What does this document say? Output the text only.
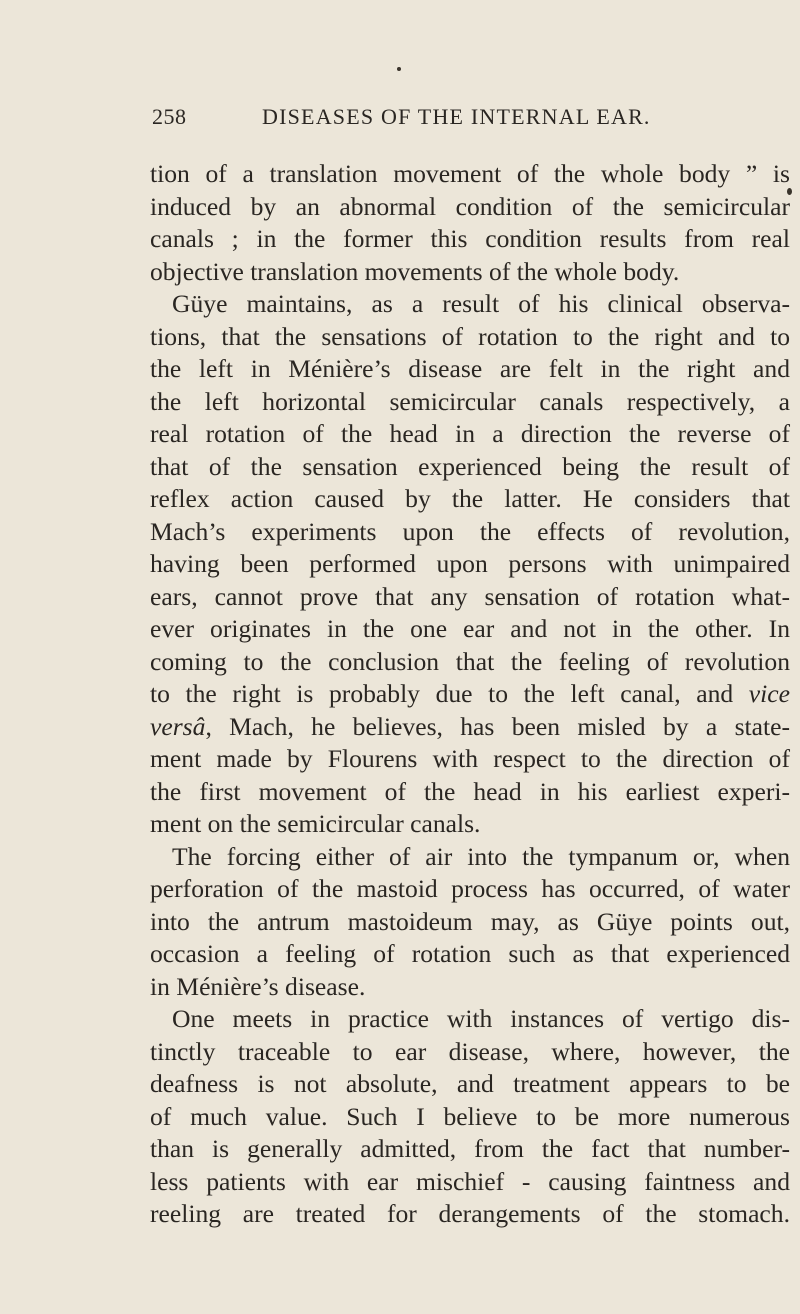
258	DISEASES OF THE INTERNAL EAR.
tion of a translation movement of the whole body ” is
induced by an abnormal condition of the semicircular
canals ; in the former this condition results from real
objective translation movements of the whole body.
Güye maintains, as a result of his clinical observa-
tions, that the sensations of rotation to the right and to
the left in Ménière’s disease are felt in the right and
the left horizontal semicircular canals respectively, a
real rotation of the head in a direction the reverse of
that of the sensation experienced being the result of
reflex action caused by the latter. He considers that
Mach’s experiments upon the effects of revolution,
having been performed upon persons with unimpaired
ears, cannot prove that any sensation of rotation what-
ever originates in the one ear and not in the other. In
coming to the conclusion that the feeling of revolution
to the right is probably due to the left canal, and vice
versâ, Mach, he believes, has been misled by a state-
ment made by Flourens with respect to the direction of
the first movement of the head in his earliest experi-
ment on the semicircular canals.
The forcing either of air into the tympanum or, when
perforation of the mastoid process has occurred, of water
into the antrum mastoideum may, as Güye points out,
occasion a feeling of rotation such as that experienced
in Ménière’s disease.
One meets in practice with instances of vertigo dis-
tinctly traceable to ear disease, where, however, the
deafness is not absolute, and treatment appears to be
of much value. Such I believe to be more numerous
than is generally admitted, from the fact that number-
less patients with ear mischief - causing faintness and
reeling are treated for derangements of the stomach.
